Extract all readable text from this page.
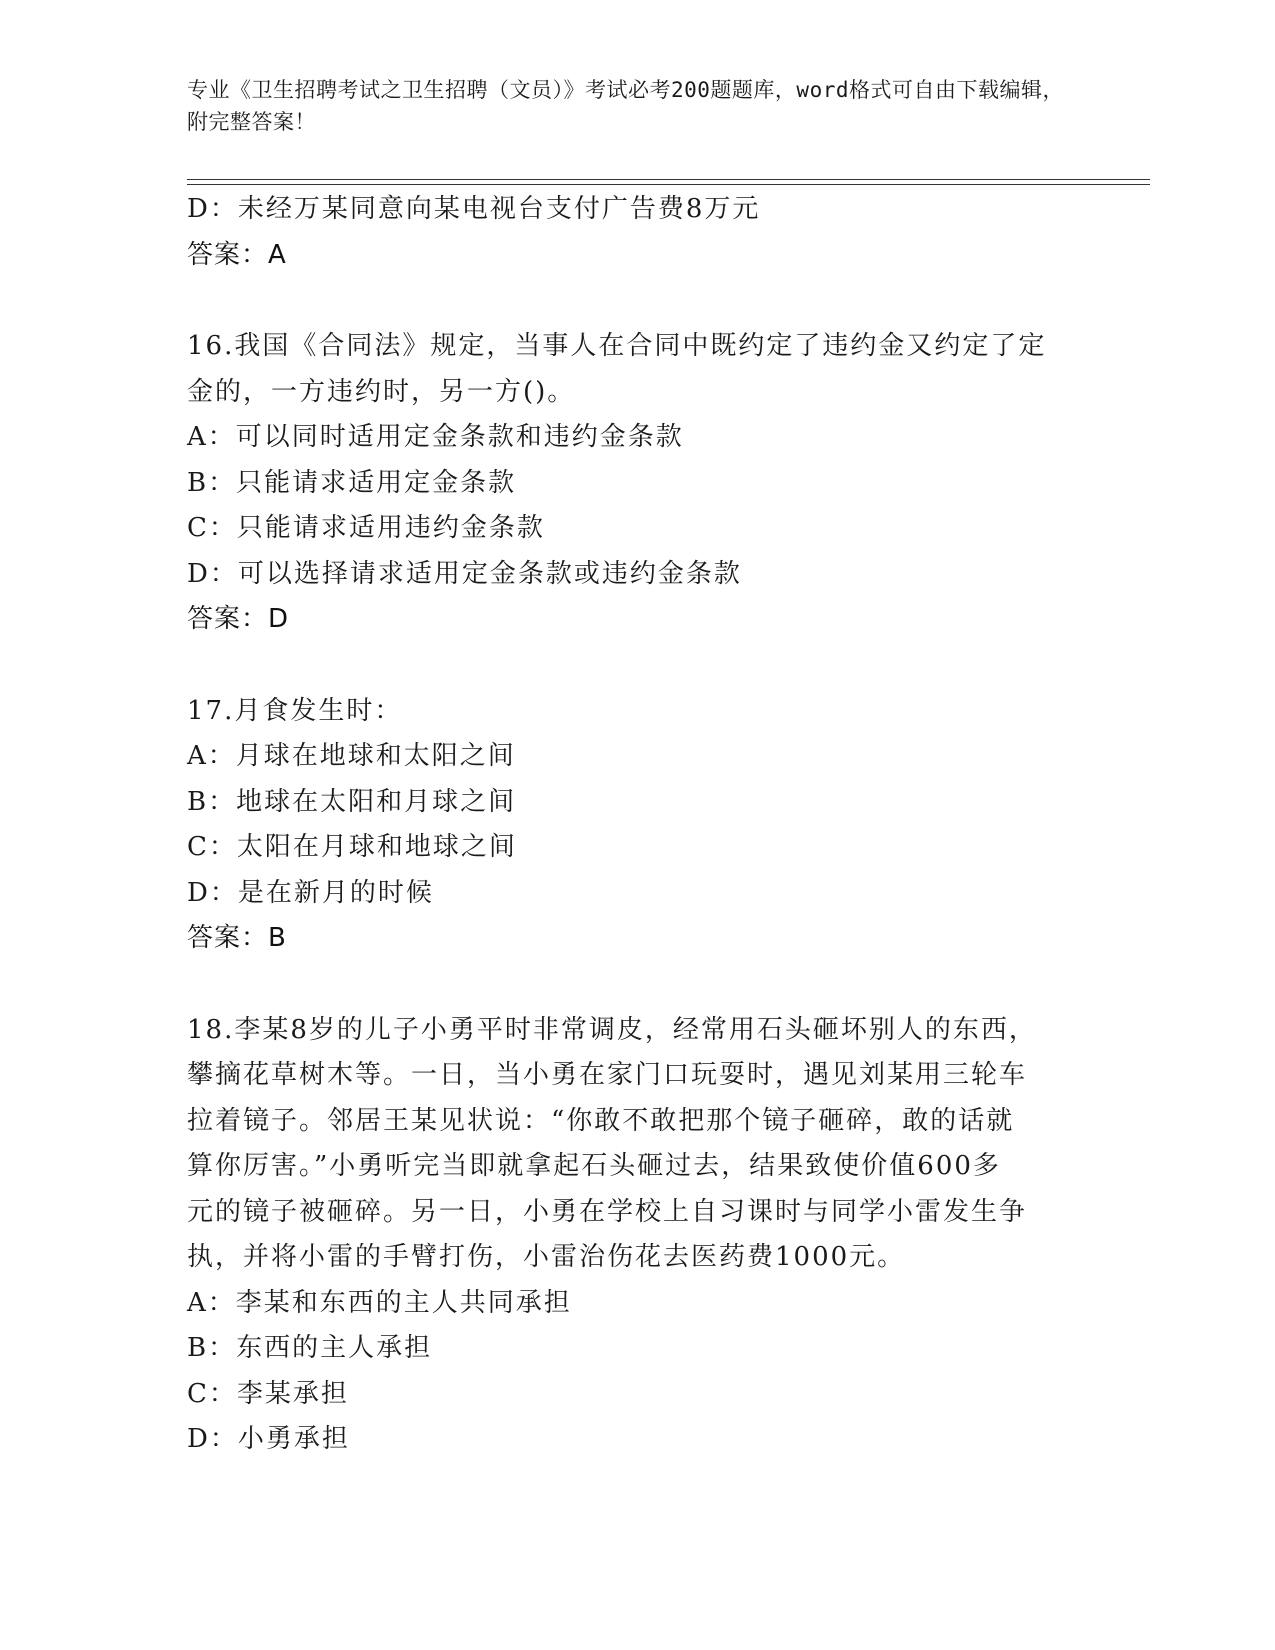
专业《卫生招聘考试之卫生招聘（文员）》考试必考200题题库，word格式可自由下载编辑，附完整答案！
D：未经万某同意向某电视台支付广告费8万元
答案：A
16.我国《合同法》规定，当事人在合同中既约定了违约金又约定了定
金的，一方违约时，另一方()。
A：可以同时适用定金条款和违约金条款
B：只能请求适用定金条款
C：只能请求适用违约金条款
D：可以选择请求适用定金条款或违约金条款
答案：D
17.月食发生时：
A：月球在地球和太阳之间
B：地球在太阳和月球之间
C：太阳在月球和地球之间
D：是在新月的时候
答案：B
18.李某8岁的儿子小勇平时非常调皮，经常用石头砸坏别人的东西，
攀摘花草树木等。一日，当小勇在家门口玩耍时，遇见刘某用三轮车
拉着镜子。邻居王某见状说：“你敢不敢把那个镜子砸碎，敢的话就
算你厉害。”小勇听完当即就拿起石头砸过去，结果致使价值600多
元的镜子被砸碎。另一日，小勇在学校上自习课时与同学小雷发生争
执，并将小雷的手臂打伤，小雷治伤花去医药费1000元。
A：李某和东西的主人共同承担
B：东西的主人承担
C：李某承担
D：小勇承担
